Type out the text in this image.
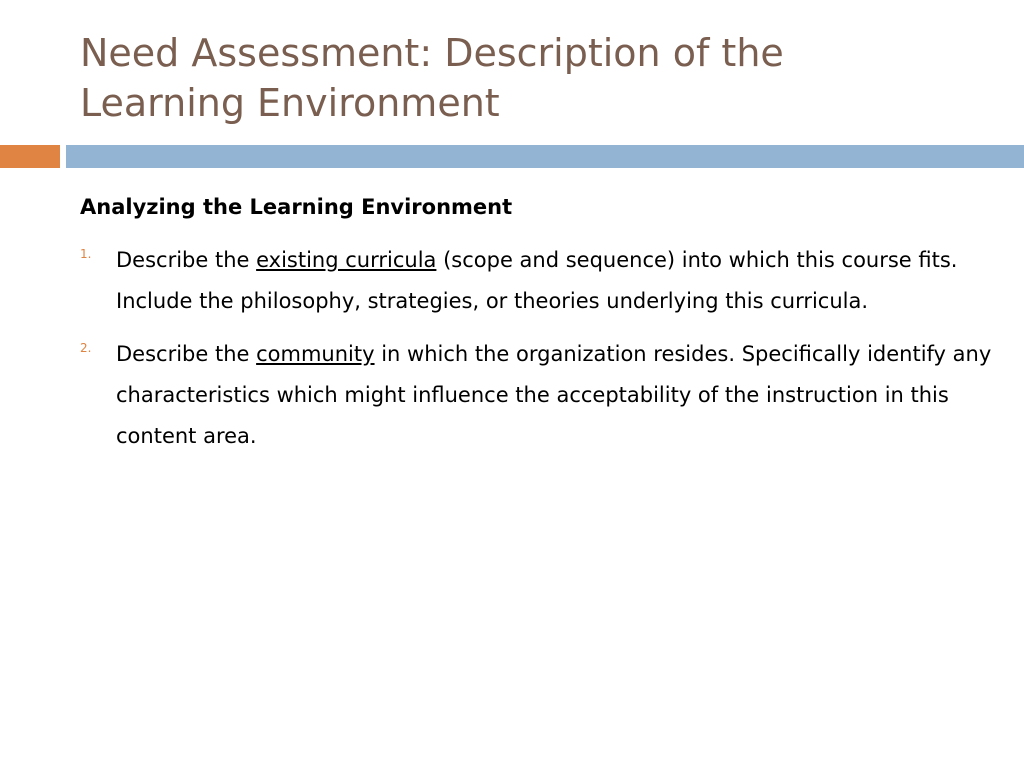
Need Assessment: Description of the
Learning Environment
Analyzing the Learning Environment
1. Describe the existing curricula (scope and sequence) into which this course fits. Include the philosophy, strategies, or theories underlying this curricula.

2. Describe the community in which the organization resides. Specifically identify any characteristics which might influence the acceptability of the instruction in this content area.
